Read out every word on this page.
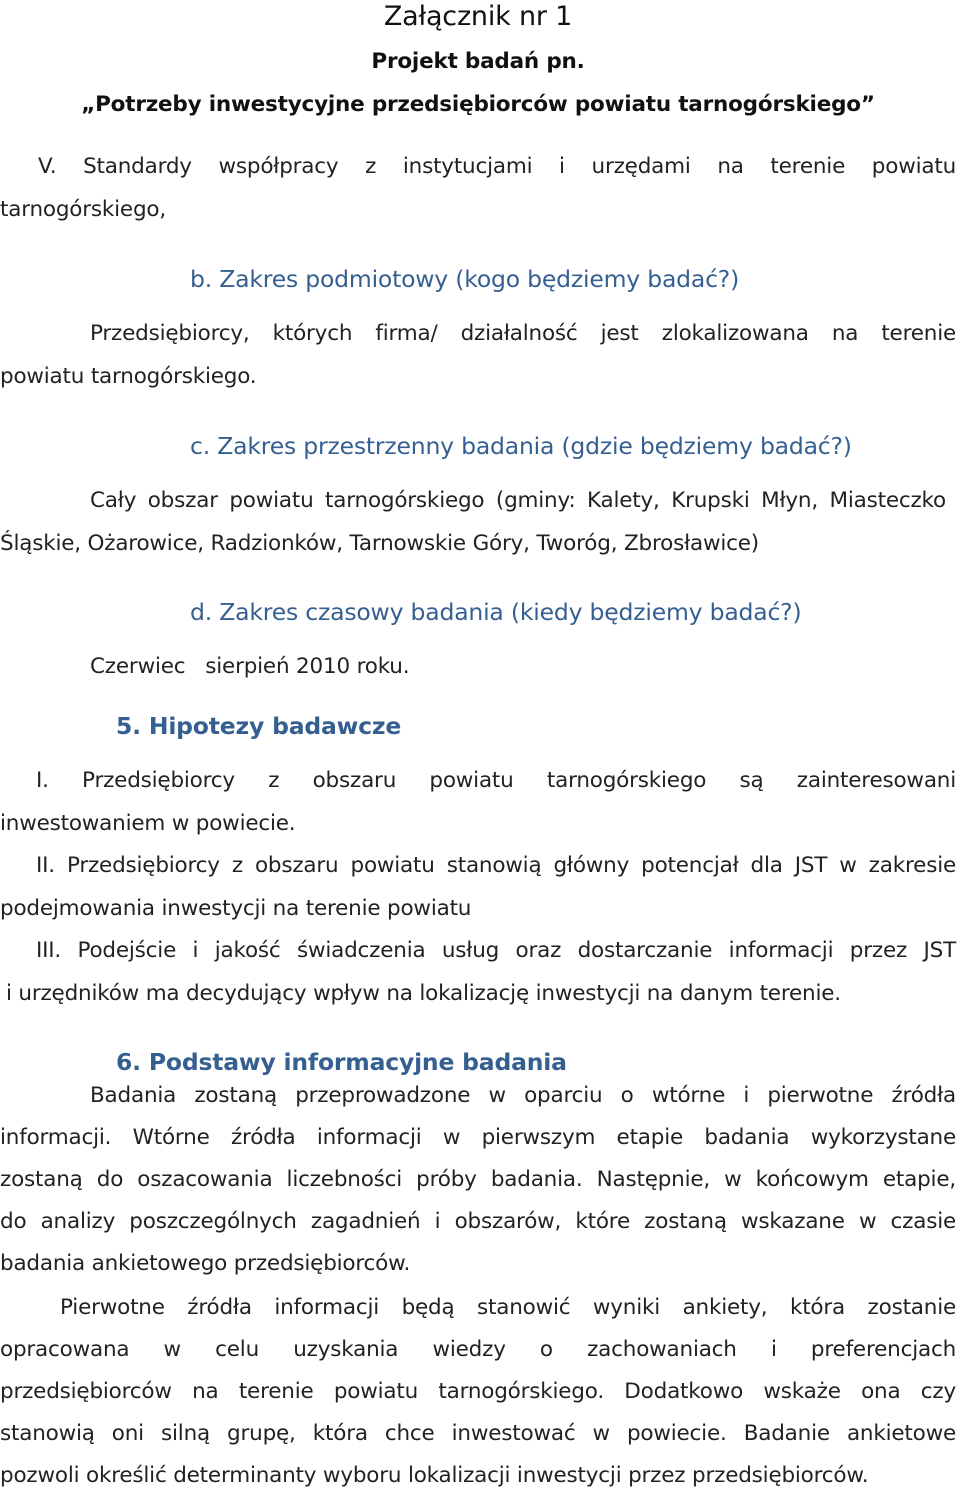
Załącznik nr 1

Projekt badań pn.

„Potrzeby inwestycyjne przedsiębiorców powiatu tarnogórskiego”

V. Standardy współpracy z instytucjami i urzędami na terenie powiatu

tarnogórskiego,

b. Zakres podmiotowy (kogo będziemy badać?)

Przedsiębiorcy, których firma/ działalność jest zlokalizowana na terenie

powiatu tarnogórskiego.

c. Zakres przestrzenny badania (gdzie będziemy badać?)

Cały obszar powiatu tarnogórskiego (gminy: Kalety, Krupski Młyn, Miasteczko

Śląskie, Ożarowice, Radzionków, Tarnowskie Góry, Tworóg, Zbrosławice)

d. Zakres czasowy badania (kiedy będziemy badać?)

Czerwiec   sierpień 2010 roku.

5. Hipotezy badawcze

I. Przedsiębiorcy z obszaru powiatu tarnogórskiego są zainteresowani

inwestowaniem w powiecie.

II. Przedsiębiorcy z obszaru powiatu stanowią główny potencjał dla JST w zakresie

podejmowania inwestycji na terenie powiatu

III. Podejście i jakość świadczenia usług oraz dostarczanie informacji przez JST

i urzędników ma decydujący wpływ na lokalizację inwestycji na danym terenie.

6. Podstawy informacyjne badania

Badania zostaną przeprowadzone w oparciu o wtórne i pierwotne źródła

informacji. Wtórne źródła informacji w pierwszym etapie badania wykorzystane

zostaną do oszacowania liczebności próby badania. Następnie, w końcowym etapie,

do analizy poszczególnych zagadnień i obszarów, które zostaną wskazane w czasie

badania ankietowego przedsiębiorców.

Pierwotne źródła informacji będą stanowić wyniki ankiety, która zostanie

opracowana w celu uzyskania wiedzy o zachowaniach i preferencjach

przedsiębiorców na terenie powiatu tarnogórskiego. Dodatkowo wskaże ona czy

stanowią oni silną grupę, która chce inwestować w powiecie. Badanie ankietowe

pozwoli określić determinanty wyboru lokalizacji inwestycji przez przedsiębiorców.
